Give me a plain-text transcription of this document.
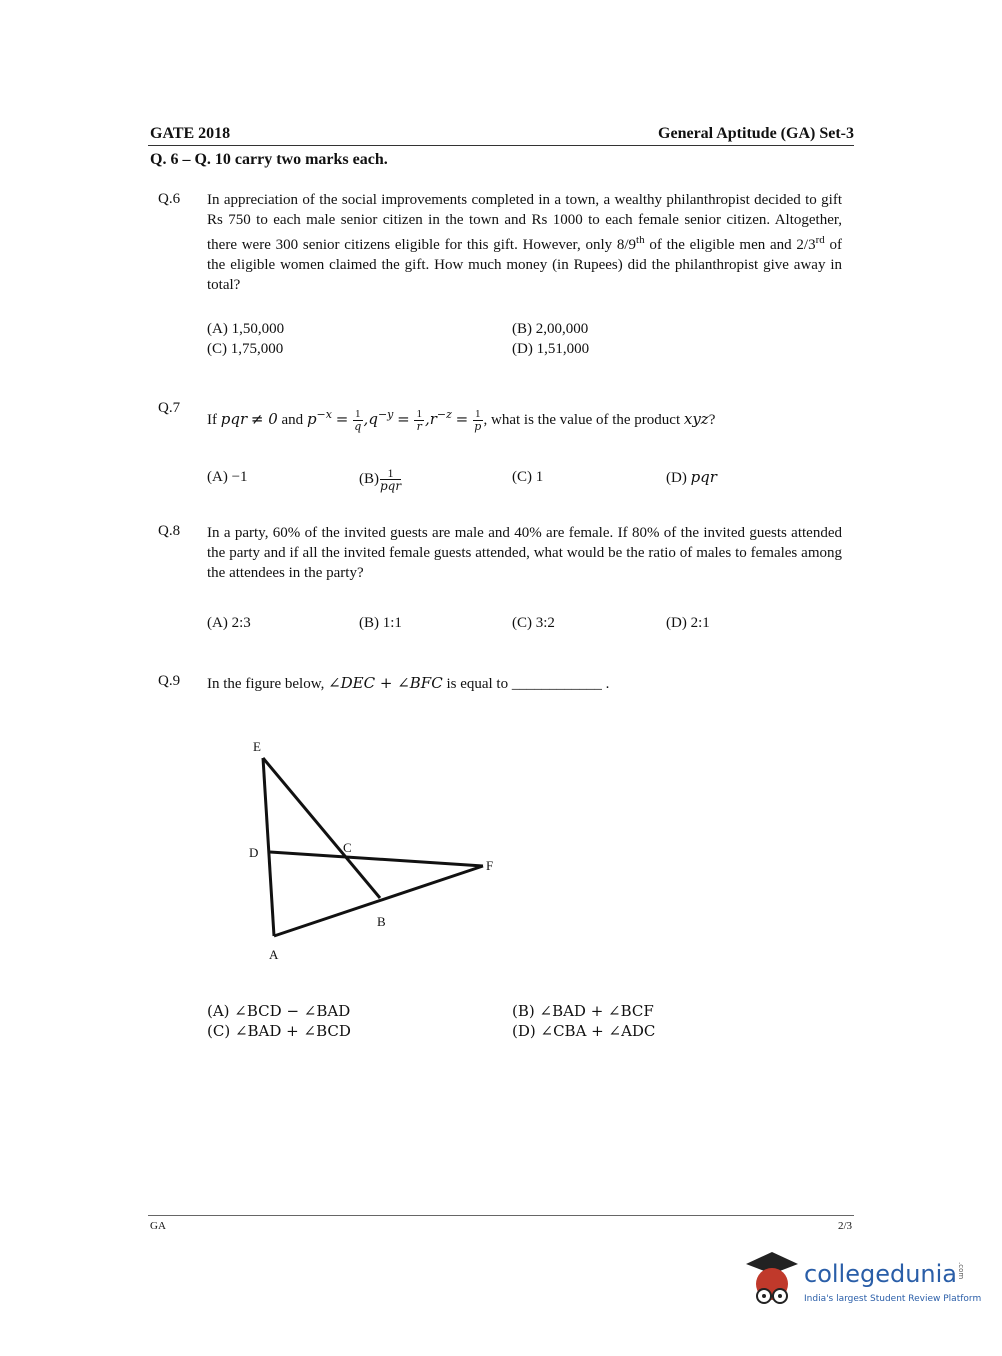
GATE 2018	General Aptitude (GA) Set-3
Q. 6 – Q. 10 carry two marks each.
Q.6 In appreciation of the social improvements completed in a town, a wealthy philanthropist decided to gift Rs 750 to each male senior citizen in the town and Rs 1000 to each female senior citizen. Altogether, there were 300 senior citizens eligible for this gift. However, only 8/9th of the eligible men and 2/3rd of the eligible women claimed the gift. How much money (in Rupees) did the philanthropist give away in total?
(A) 1,50,000	(B) 2,00,000
(C) 1,75,000	(D) 1,51,000
Q.7
If pqr ≠ 0 and $p^{-x} = \frac{1}{q} ,q^{-y} = \frac{1}{r} ,r^{-z} = \frac{1}{p}$ , what is the value of the product xyz?
(A) −1	$(B) \frac{1}{\text{pqr}}$	(C) 1	(D) pqr
Q.8 In a party, 60% of the invited guests are male and 40% are female. If 80% of the invited guests attended the party and if all the invited female guests attended, what would be the ratio of males to females among the attendees in the party?
(A) 2:3	(B) 1:1	(C) 3:2	(D) 2:1
Q.9 In the figure below, ∠DEC + ∠BFC is equal to ____________ .
E
D	C
F
B
A
(A) ∠BCD − ∠BAD	(B) ∠BAD + ∠BCF
(C) ∠BAD + ∠BCD	(D) ∠CBA + ∠ADC
GA	2/3
collegedunia .com
India's largest Student Review Platform
